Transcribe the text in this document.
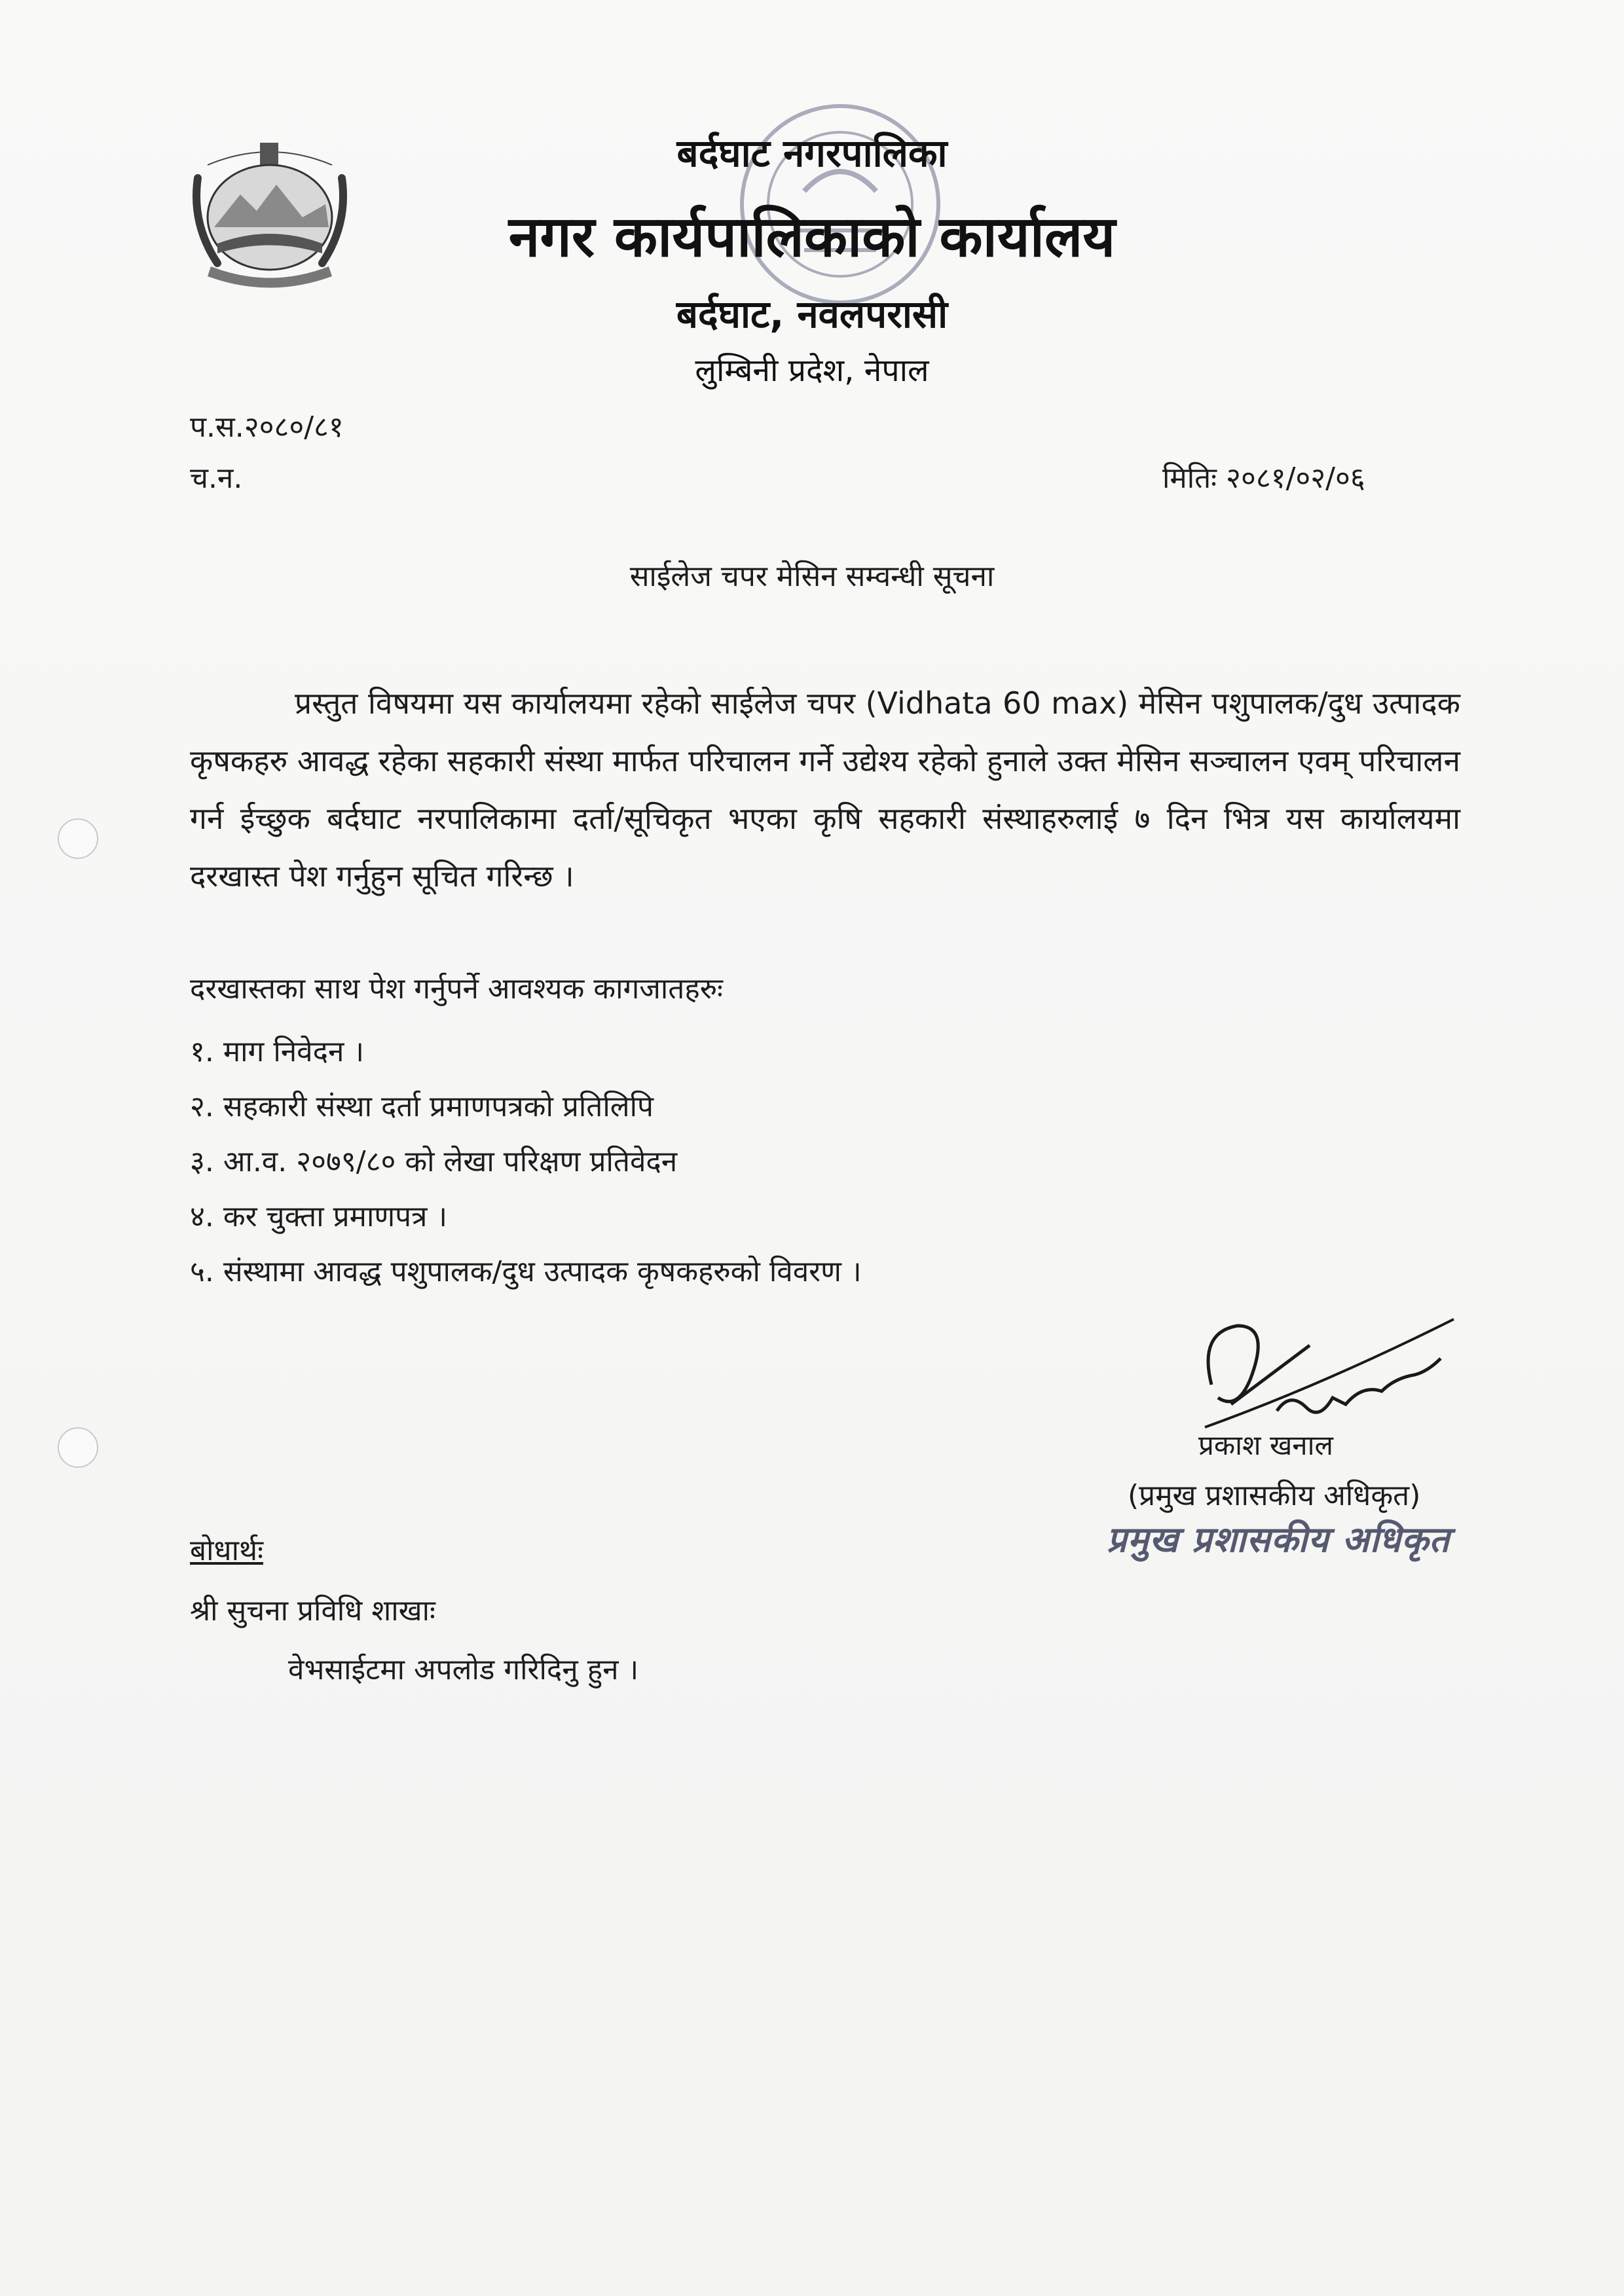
बर्दघाट नगरपालिका
नगर कार्यपालिकाको कार्यालय
बर्दघाट, नवलपरासी
लुम्बिनी प्रदेश, नेपाल
प.स.२०८०/८१
च.न.	मितिः २०८१/०२/०६
साईलेज चपर मेसिन सम्वन्धी सूचना
प्रस्तुत विषयमा यस कार्यालयमा रहेको साईलेज चपर (Vidhata 60 max) मेसिन पशुपालक/दुध उत्पादक कृषकहरु आवद्ध रहेका सहकारी संस्था मार्फत परिचालन गर्ने उद्येश्य रहेको हुनाले उक्त मेसिन सञ्चालन एवम् परिचालन गर्न ईच्छुक बर्दघाट नरपालिकामा दर्ता/सूचिकृत भएका कृषि सहकारी संस्थाहरुलाई ७ दिन भित्र यस कार्यालयमा दरखास्त पेश गर्नुहुन सूचित गरिन्छ ।
दरखास्तका साथ पेश गर्नुपर्ने आवश्यक कागजातहरुः
१. माग निवेदन ।
२. सहकारी संस्था दर्ता प्रमाणपत्रको प्रतिलिपि
३. आ.व. २०७९/८० को लेखा परिक्षण प्रतिवेदन
४. कर चुक्ता प्रमाणपत्र ।
५. संस्थामा आवद्ध पशुपालक/दुध उत्पादक कृषकहरुको विवरण ।
प्रकाश खनाल
(प्रमुख प्रशासकीय अधिकृत)
प्रमुख प्रशासकीय अधिकृत
बोधार्थः
श्री सुचना प्रविधि शाखाः
वेभसाईटमा अपलोड गरिदिनु हुन ।
